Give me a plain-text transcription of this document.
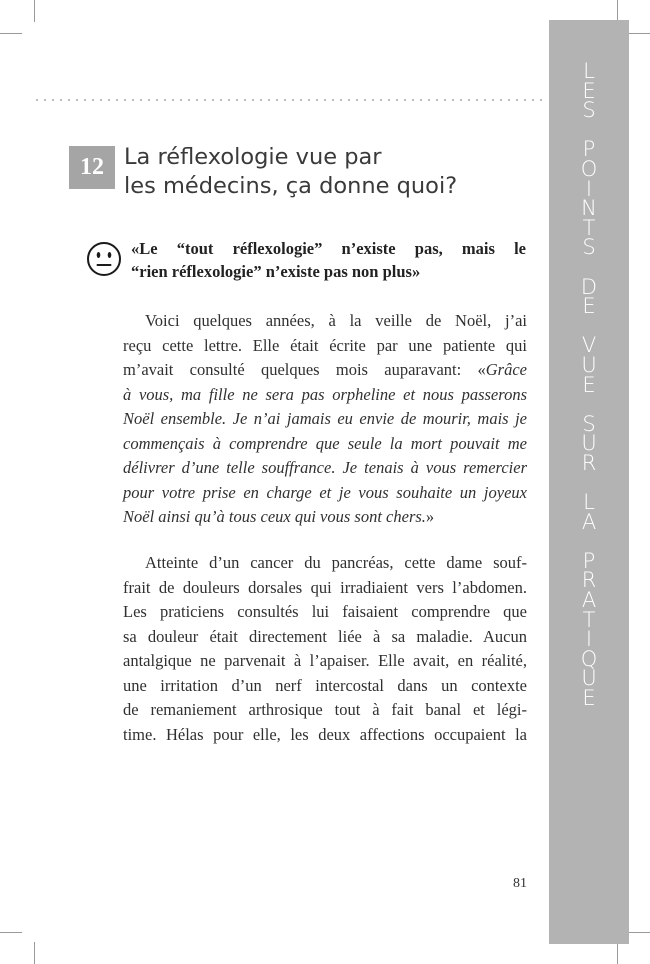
L
E
S
P
O
I
N
T
S
D
E
V
U
E
S
U
R
L
A
P
R
A
T
I
Q
U
E
12 La réflexologie vue par
les médecins, ça donne quoi?

«Le “tout réflexologie” n’existe pas, mais le
“rien réflexologie” n’existe pas non plus»

Voici quelques années, à la veille de Noël, j’ai
reçu cette lettre. Elle était écrite par une patiente qui
m’avait consulté quelques mois auparavant: «Grâce
à vous, ma fille ne sera pas orpheline et nous passerons
Noël ensemble. Je n’ai jamais eu envie de mourir, mais je
commençais à comprendre que seule la mort pouvait me
délivrer d’une telle souffrance. Je tenais à vous remercier
pour votre prise en charge et je vous souhaite un joyeux
Noël ainsi qu’à tous ceux qui vous sont chers.»
Atteinte d’un cancer du pancréas, cette dame souf-
frait de douleurs dorsales qui irradiaient vers l’abdomen.
Les praticiens consultés lui faisaient comprendre que
sa douleur était directement liée à sa maladie. Aucun
antalgique ne parvenait à l’apaiser. Elle avait, en réalité,
une irritation d’un nerf intercostal dans un contexte
de remaniement arthrosique tout à fait banal et légi-
time. Hélas pour elle, les deux affections occupaient la
81
